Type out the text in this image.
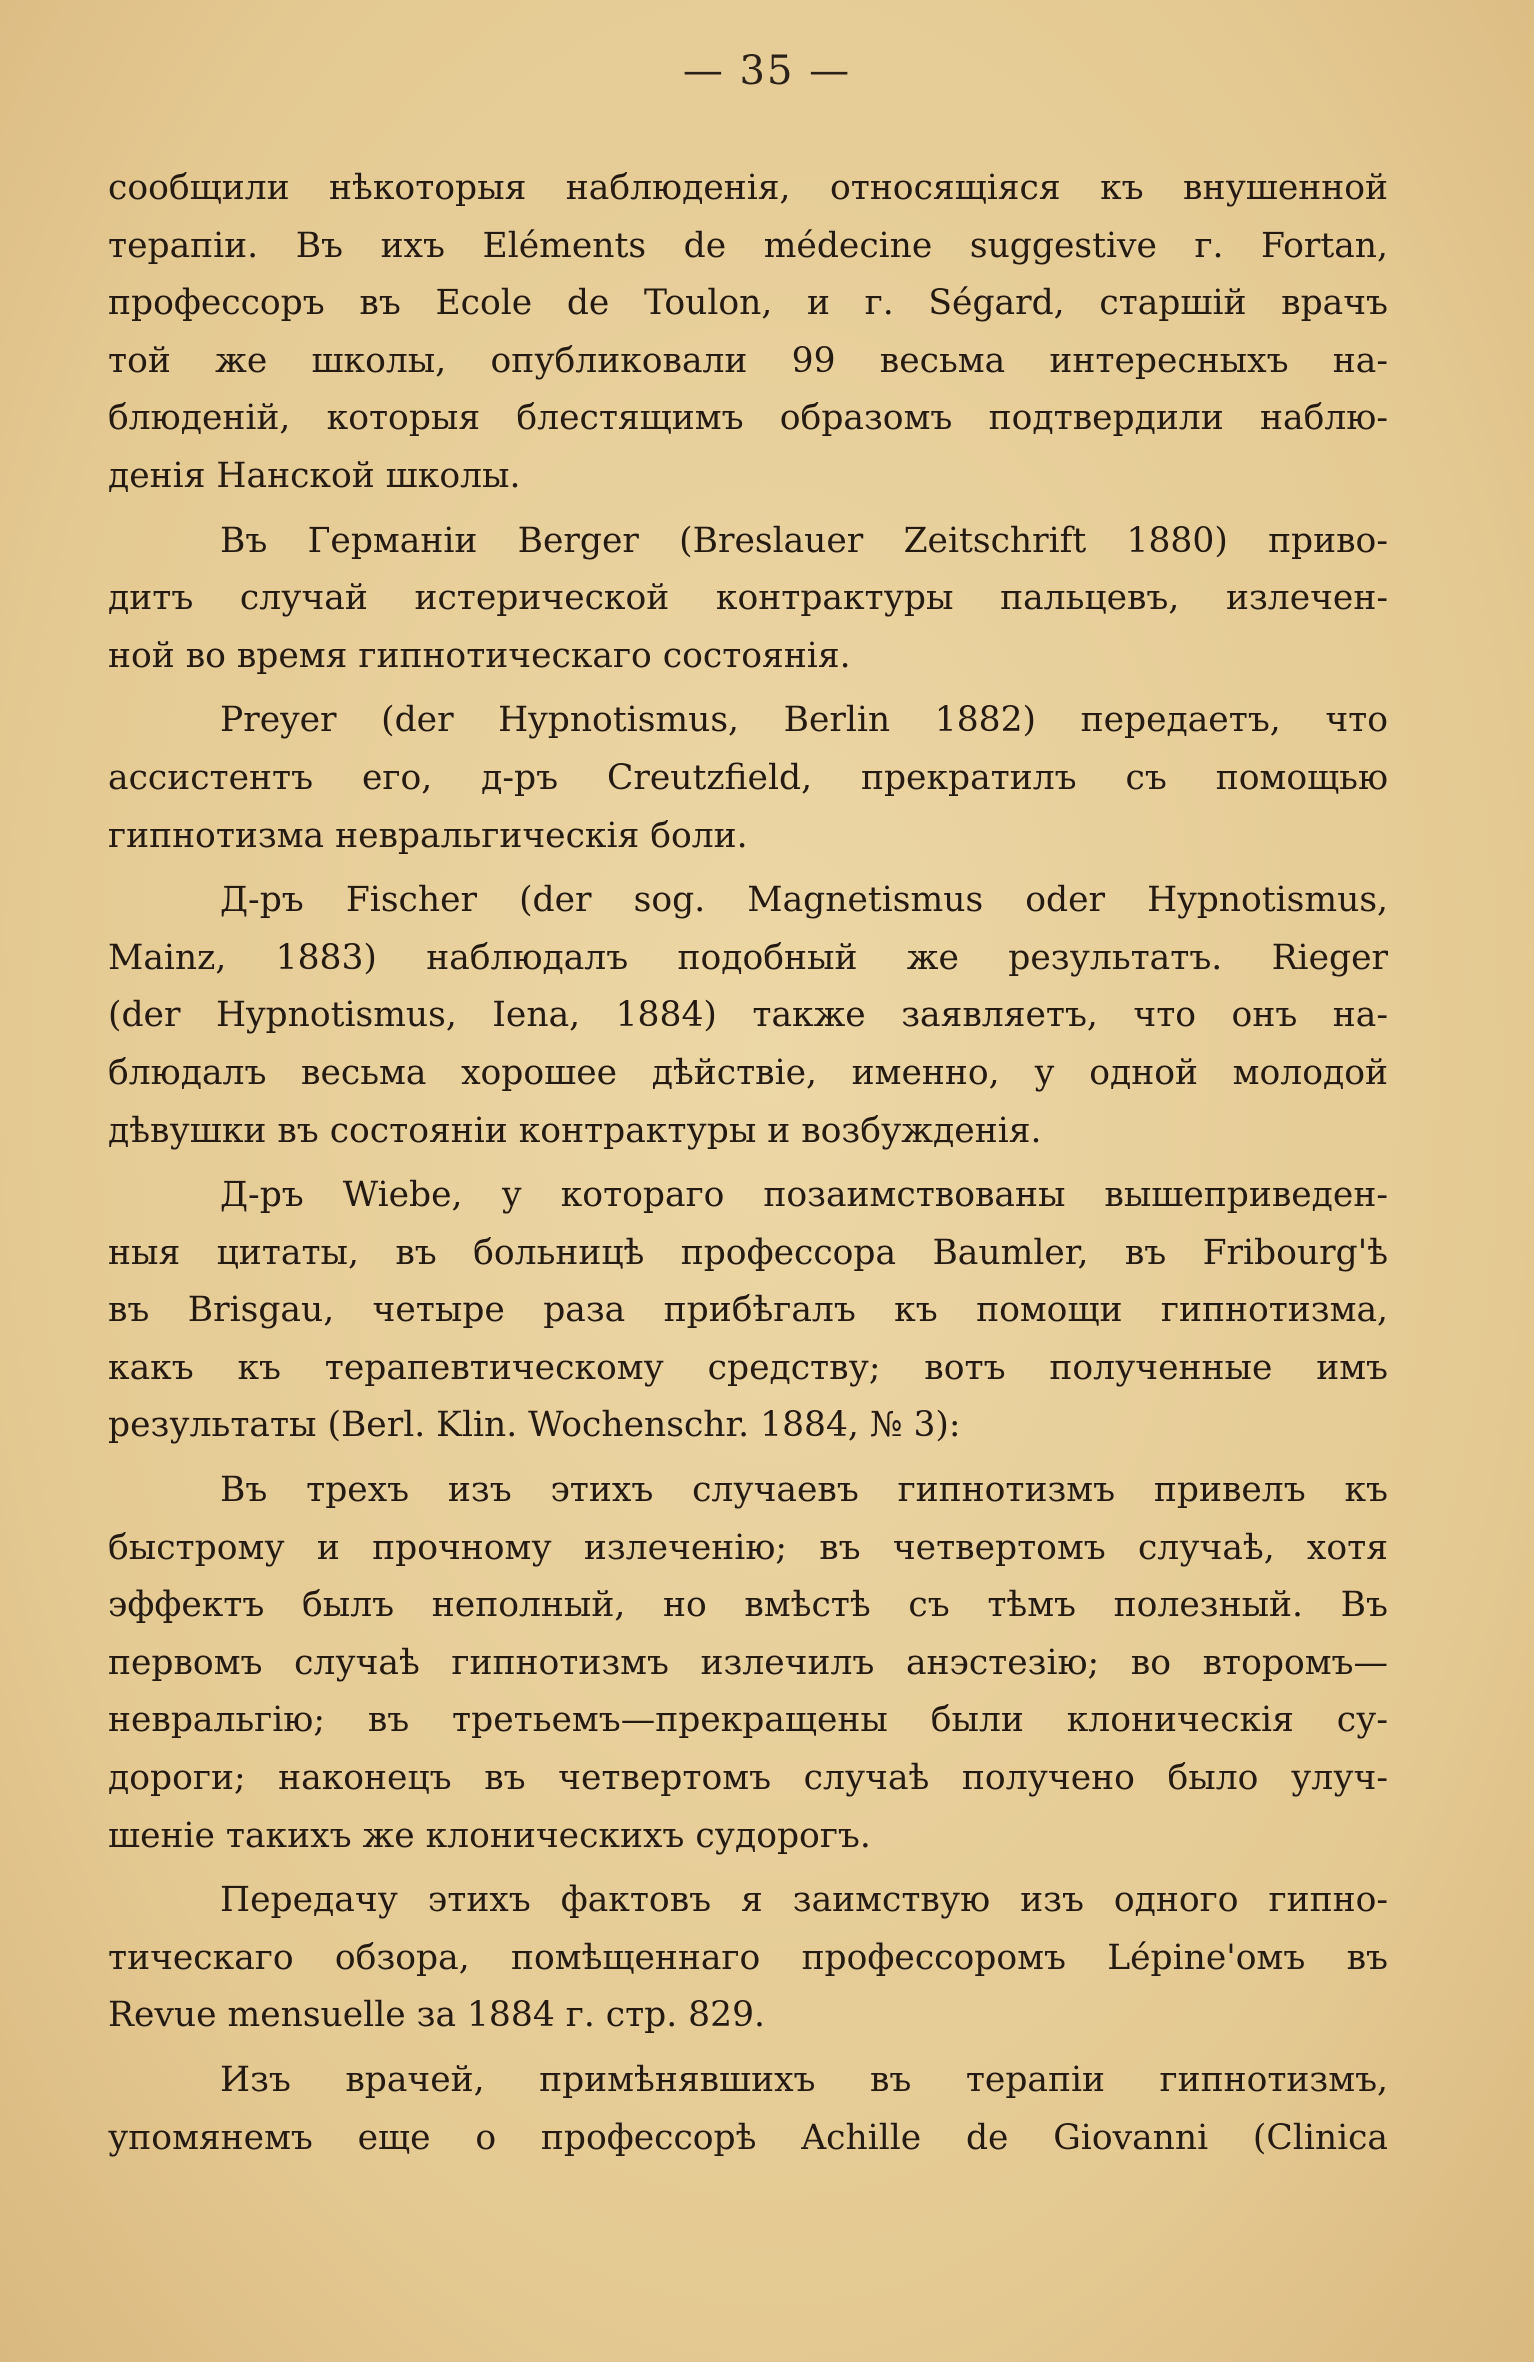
— 35 —
сообщили нѣкоторыя наблюденія, относящіяся къ внушенной
терапіи. Въ ихъ Eléments de médecine suggestive г. Fortan,
профессоръ въ Ecole de Toulon, и г. Ségard, старшій врачъ
той же школы, опубликовали 99 весьма интересныхъ на-
блюденій, которыя блестящимъ образомъ подтвердили наблю-
денія Нанской школы.
Въ Германіи Berger (Breslauer Zeitschrift 1880) приво-
дитъ случай истерической контрактуры пальцевъ, излечен-
ной во время гипнотическаго состоянія.
Preyer (der Hypnotismus, Berlin 1882) передаетъ, что
ассистентъ его, д-ръ Creutzfield, прекратилъ съ помощью
гипнотизма невральгическія боли.
Д-ръ Fischer (der sog. Magnetismus oder Hypnotismus,
Mainz, 1883) наблюдалъ подобный же результатъ. Rieger
(der Hypnotismus, Iena, 1884) также заявляетъ, что онъ на-
блюдалъ весьма хорошее дѣйствіе, именно, у одной молодой
дѣвушки въ состояніи контрактуры и возбужденія.
Д-ръ Wiebe, у котораго позаимствованы вышеприведен-
ныя цитаты, въ больницѣ профессора Baumler, въ Fribourg'ѣ
въ Brisgau, четыре раза прибѣгалъ къ помощи гипнотизма,
какъ къ терапевтическому средству; вотъ полученные имъ
результаты (Berl. Klin. Wochenschr. 1884, № 3):
Въ трехъ изъ этихъ случаевъ гипнотизмъ привелъ къ
быстрому и прочному излеченію; въ четвертомъ случаѣ, хотя
эффектъ былъ неполный, но вмѣстѣ съ тѣмъ полезный. Въ
первомъ случаѣ гипнотизмъ излечилъ анэстезію; во второмъ—
невральгію; въ третьемъ—прекращены были клоническія су-
дороги; наконецъ въ четвертомъ случаѣ получено было улуч-
шеніе такихъ же клоническихъ судорогъ.
Передачу этихъ фактовъ я заимствую изъ одного гипно-
тическаго обзора, помѣщеннаго профессоромъ Lépine'омъ въ
Revue mensuelle за 1884 г. стр. 829.
Изъ врачей, примѣнявшихъ въ терапіи гипнотизмъ,
упомянемъ еще о профессорѣ Achille de Giovanni (Clinica
